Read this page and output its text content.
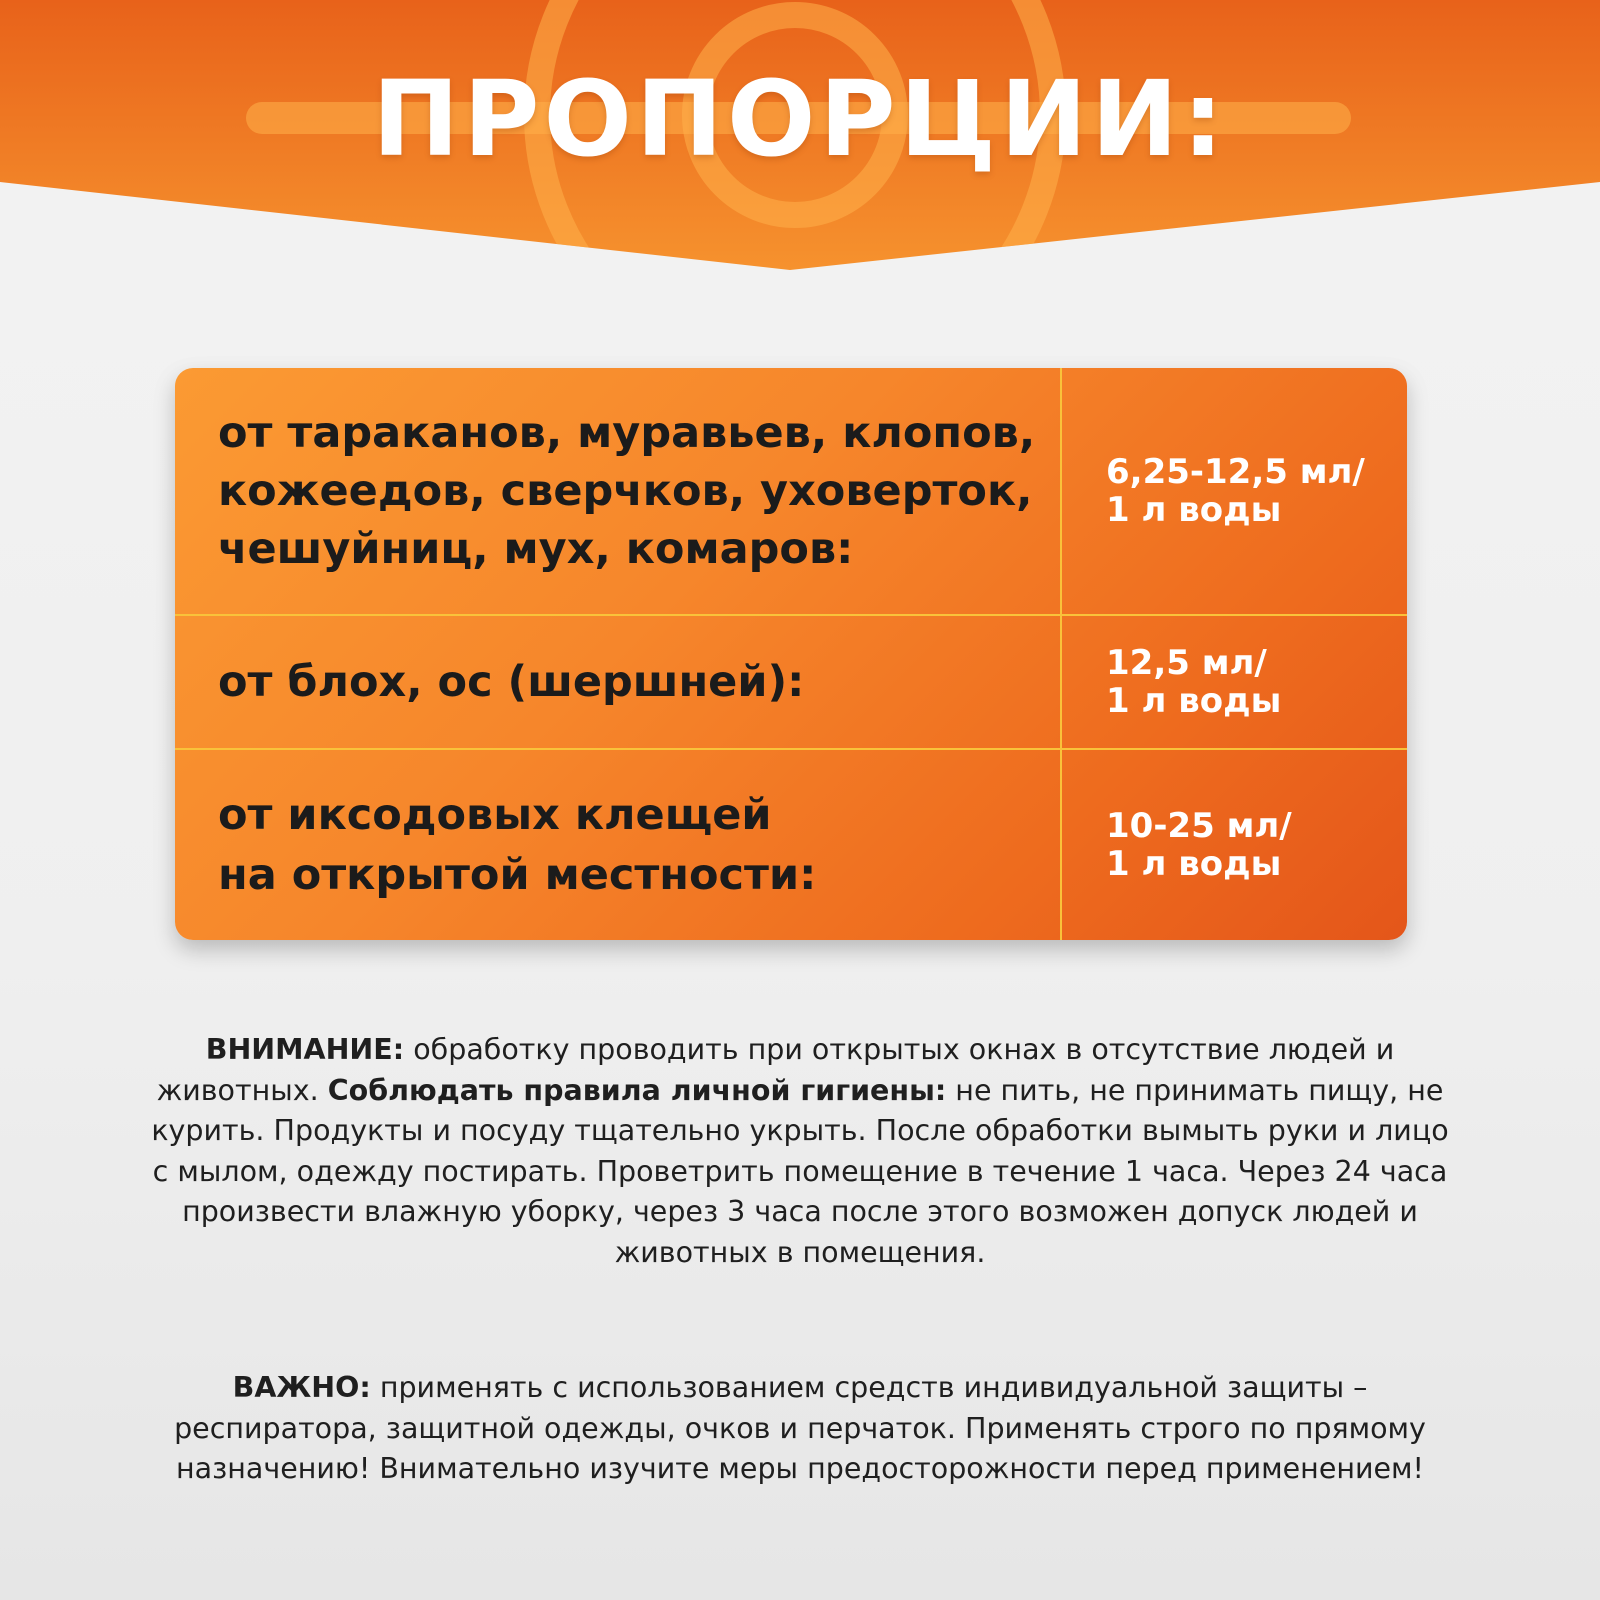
ПРОПОРЦИИ:
от тараканов, муравьев, клопов, кожеедов, сверчков, уховерток, чешуйниц, мух, комаров:
6,25-12,5 мл/
1 л воды
от блох, ос (шершней):	12,5 мл/
1 л воды
от иксодовых клещей
на открытой местности:
10-25 мл/
1 л воды
ВНИМАНИЕ: обработку проводить при открытых окнах в отсутствие людей и животных. Соблюдать правила личной гигиены: не пить, не принимать пищу, не курить. Продукты и посуду тщательно укрыть. После обработки вымыть руки и лицо с мылом, одежду постирать. Проветрить помещение в течение 1 часа. Через 24 часа произвести влажную уборку, через 3 часа после этого возможен допуск людей и животных в помещения.
ВАЖНО: применять с использованием средств индивидуальной защиты – респиратора, защитной одежды, очков и перчаток. Применять строго по прямому назначению! Внимательно изучите меры предосторожности перед применением!
